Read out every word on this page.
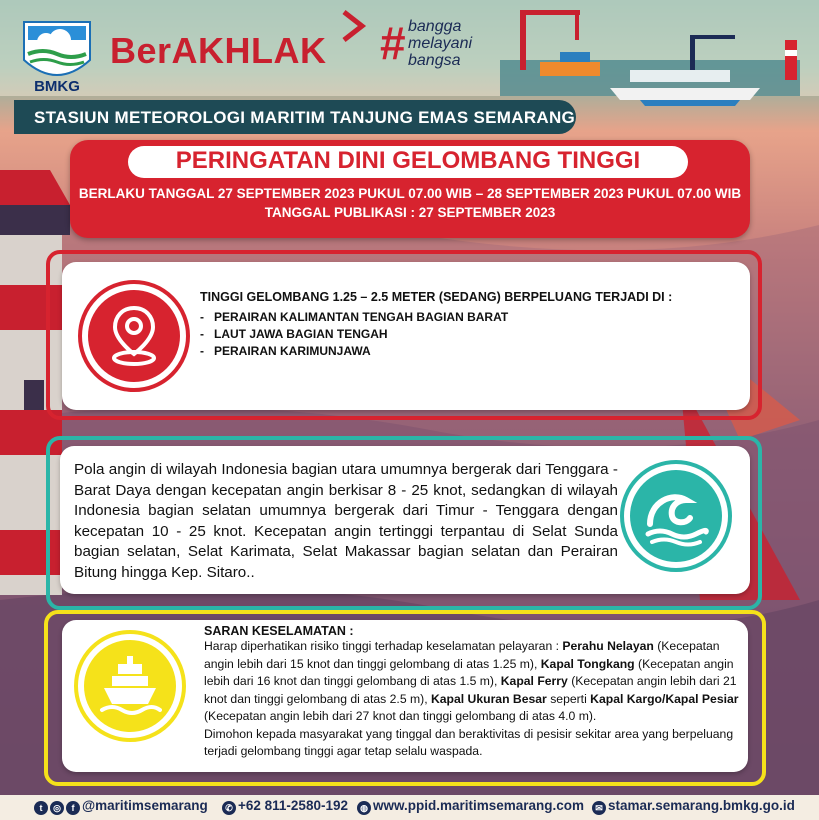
BMKG
BerAKHLAK # bangga
melayani
bangsa
STASIUN METEOROLOGI MARITIM TANJUNG EMAS SEMARANG
PERINGATAN DINI GELOMBANG TINGGI
BERLAKU TANGGAL 27 SEPTEMBER 2023 PUKUL 07.00 WIB – 28 SEPTEMBER 2023 PUKUL 07.00 WIB
TANGGAL PUBLIKASI : 27 SEPTEMBER 2023
TINGGI GELOMBANG 1.25 – 2.5 METER (SEDANG) BERPELUANG TERJADI DI :
- PERAIRAN KALIMANTAN TENGAH BAGIAN BARAT
- LAUT JAWA BAGIAN TENGAH
- PERAIRAN KARIMUNJAWA
Pola angin di wilayah Indonesia bagian utara umumnya bergerak dari Tenggara - Barat Daya dengan kecepatan angin berkisar 8 - 25 knot, sedangkan di wilayah Indonesia bagian selatan umumnya bergerak dari Timur - Tenggara dengan kecepatan 10 - 25 knot. Kecepatan angin tertinggi terpantau di Selat Sunda bagian selatan, Selat Karimata, Selat Makassar bagian selatan dan Perairan Bitung hingga Kep. Sitaro..
SARAN KESELAMATAN :
Harap diperhatikan risiko tinggi terhadap keselamatan pelayaran : Perahu Nelayan (Kecepatan angin lebih dari 15 knot dan tinggi gelombang di atas 1.25 m), Kapal Tongkang (Kecepatan angin lebih dari 16 knot dan tinggi gelombang di atas 1.5 m), Kapal Ferry (Kecepatan angin lebih dari 21 knot dan tinggi gelombang di atas 2.5 m), Kapal Ukuran Besar seperti Kapal Kargo/Kapal Pesiar (Kecepatan angin lebih dari 27 knot dan tinggi gelombang di atas 4.0 m).
Dimohon kepada masyarakat yang tinggal dan beraktivitas di pesisir sekitar area yang berpeluang terjadi gelombang tinggi agar tetap selalu waspada.
t ◎ f @maritimsemarang	✆ +62 811-2580-192	◍ www.ppid.maritimsemarang.com	✉ stamar.semarang.bmkg.go.id
